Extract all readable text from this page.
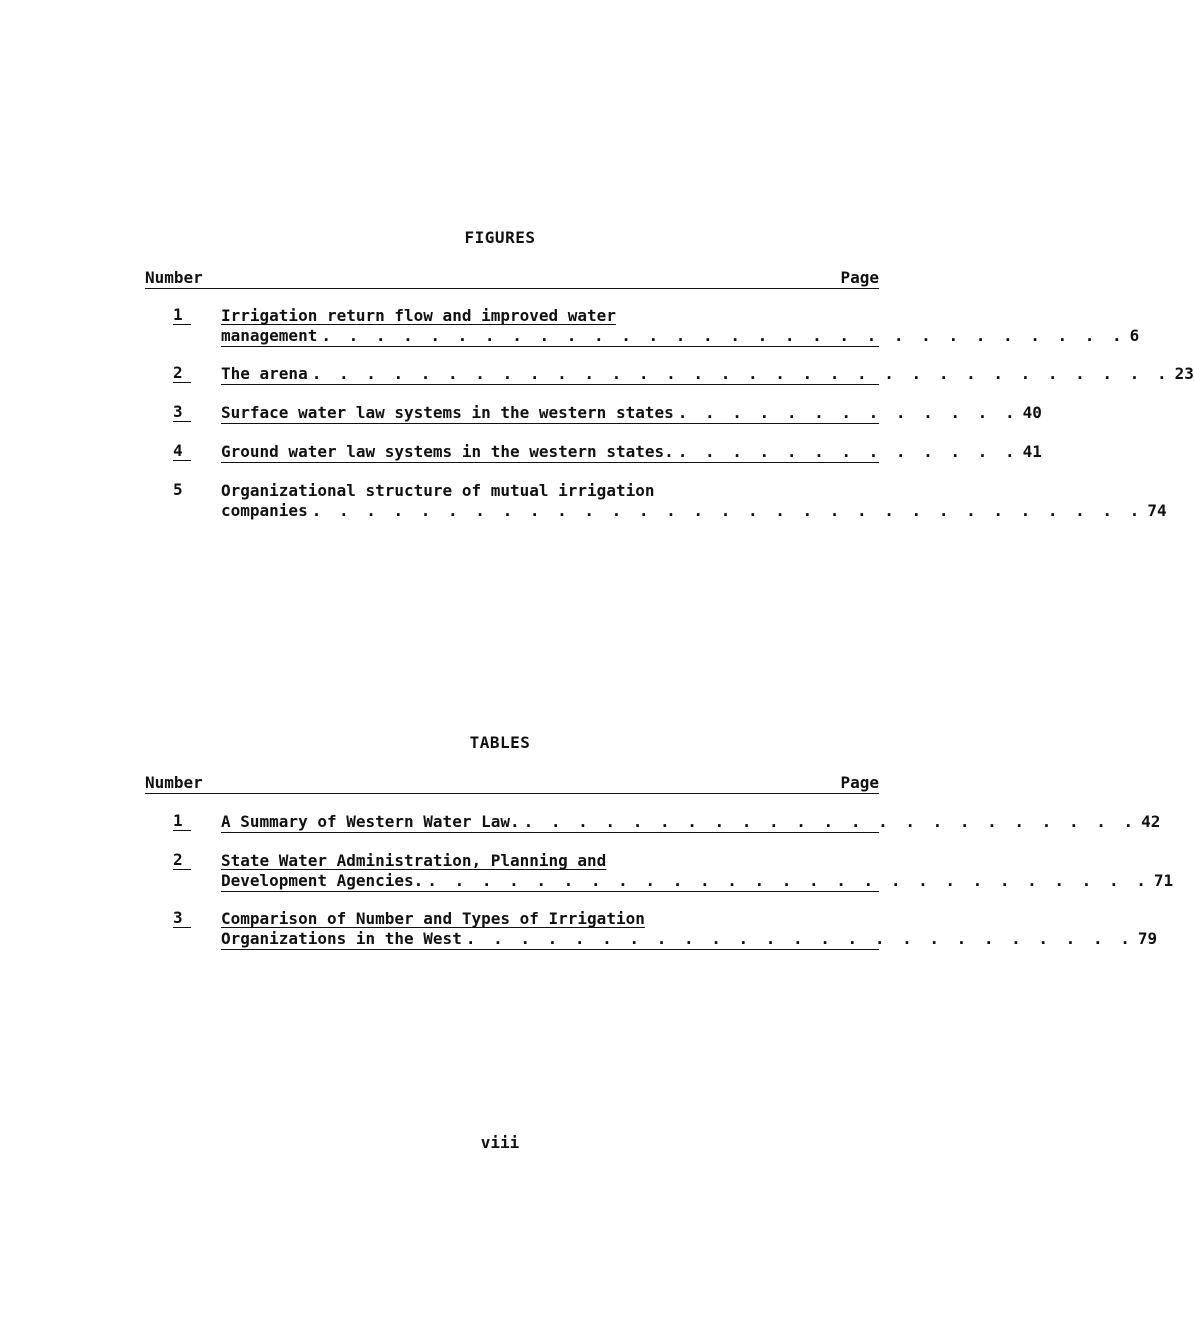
FIGURES
Number	Page
1	Irrigation return flow and improved water
management . . . . . . . . . . . . . . . . . . . . . . . . . . . . . . 6
2	The arena . . . . . . . . . . . . . . . . . . . . . . . . . . . . . . . . 23
3	Surface water law systems in the western states . . . . . . . . . . . . . 40
4	Ground water law systems in the western states. . . . . . . . . . . . . . 41
5	Organizational structure of mutual irrigation
companies . . . . . . . . . . . . . . . . . . . . . . . . . . . . . . . 74
TABLES
Number	Page
1	A Summary of Western Water Law. . . . . . . . . . . . . . . . . . . . . . . . 42
2	State Water Administration, Planning and
Development Agencies. . . . . . . . . . . . . . . . . . . . . . . . . . . . 71
3	Comparison of Number and Types of Irrigation
Organizations in the West . . . . . . . . . . . . . . . . . . . . . . . . . 79
viii
